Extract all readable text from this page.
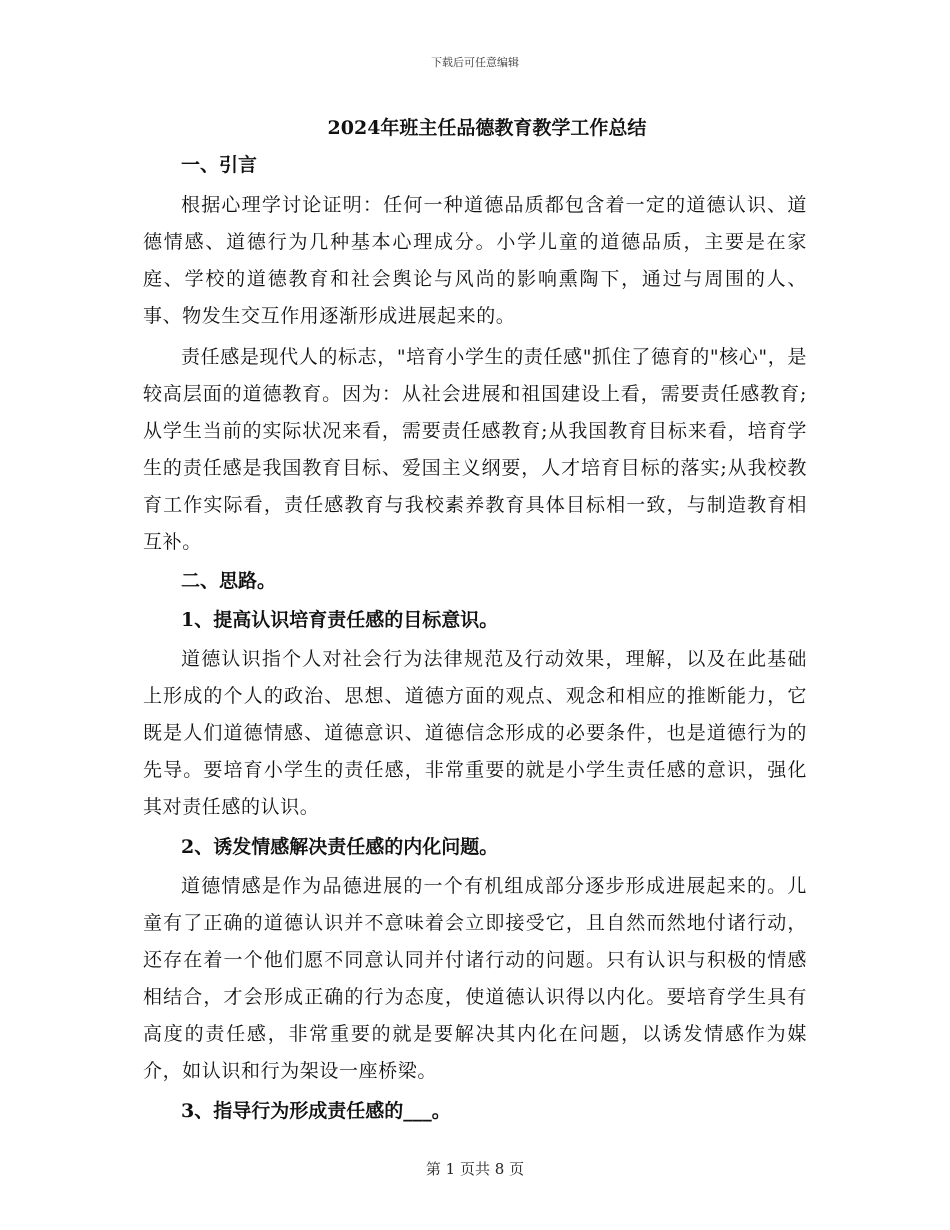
下载后可任意编辑
2024年班主任品德教育教学工作总结
一、引言

根据心理学讨论证明：任何一种道德品质都包含着一定的道德认识、道德情感、道德行为几种基本心理成分。小学儿童的道德品质，主要是在家庭、学校的道德教育和社会舆论与风尚的影响熏陶下，通过与周围的人、事、物发生交互作用逐渐形成进展起来的。

责任感是现代人的标志，"培育小学生的责任感"抓住了德育的"核心"，是较高层面的道德教育。因为：从社会进展和祖国建设上看，需要责任感教育;从学生当前的实际状况来看，需要责任感教育;从我国教育目标来看，培育学生的责任感是我国教育目标、爱国主义纲要，人才培育目标的落实;从我校教育工作实际看，责任感教育与我校素养教育具体目标相一致，与制造教育相互补。

二、思路。
1、提高认识培育责任感的目标意识。

道德认识指个人对社会行为法律规范及行动效果，理解，以及在此基础上形成的个人的政治、思想、道德方面的观点、观念和相应的推断能力，它既是人们道德情感、道德意识、道德信念形成的必要条件，也是道德行为的先导。要培育小学生的责任感，非常重要的就是小学生责任感的意识，强化其对责任感的认识。

2、诱发情感解决责任感的内化问题。

道德情感是作为品德进展的一个有机组成部分逐步形成进展起来的。儿童有了正确的道德认识并不意味着会立即接受它，且自然而然地付诸行动，还存在着一个他们愿不同意认同并付诸行动的问题。只有认识与积极的情感相结合，才会形成正确的行为态度，使道德认识得以内化。要培育学生具有高度的责任感，非常重要的就是要解决其内化在问题，以诱发情感作为媒介，如认识和行为架设一座桥梁。

3、指导行为形成责任感的___。
第 1 页共 8 页
